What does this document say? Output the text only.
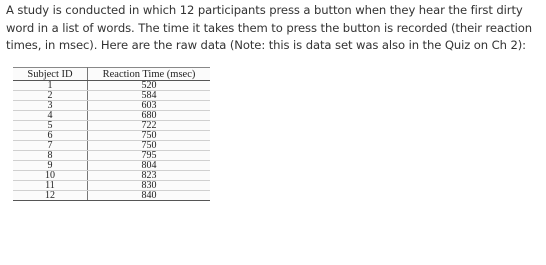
A study is conducted in which 12 participants press a button when they hear the first dirty
word in a list of words. The time it takes them to press the button is recorded (their reaction
times, in msec). Here are the raw data (Note: this is data set was also in the Quiz on Ch 2):
Subject ID	Reaction Time (msec)
1	520
2	584
3	603
4	680
5	722
6	750
7	750
8	795
9	804
10	823
11	830
12	840
